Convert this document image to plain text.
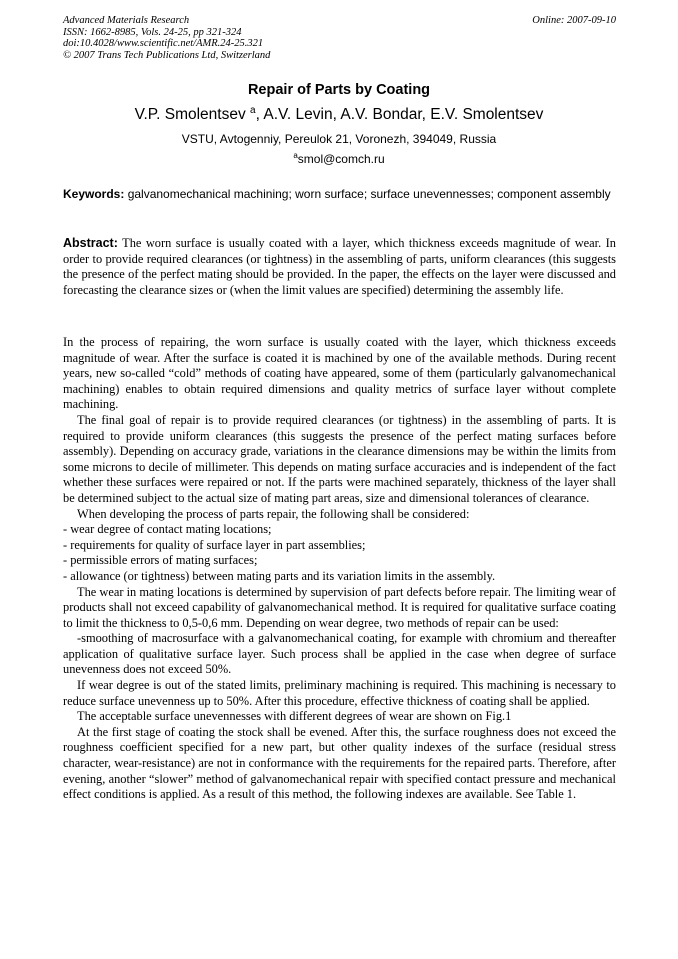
Advanced Materials Research
ISSN: 1662-8985, Vols. 24-25, pp 321-324
doi:10.4028/www.scientific.net/AMR.24-25.321
© 2007 Trans Tech Publications Ltd, Switzerland
Online: 2007-09-10
Repair of Parts by Coating
V.P. Smolentsev $^a$, A.V. Levin, A.V. Bondar, E.V. Smolentsev
VSTU, Avtogenniy, Pereulok 21, Voronezh, 394049, Russia
$^a$smol@comch.ru
Keywords: galvanomechanical machining; worn surface; surface unevennesses; component assembly
Abstract: The worn surface is usually coated with a layer, which thickness exceeds magnitude of wear. In order to provide required clearances (or tightness) in the assembling of parts, uniform clearances (this suggests the presence of the perfect mating should be provided. In the paper, the effects on the layer were discussed and forecasting the clearance sizes or (when the limit values are specified) determining the assembly life.

In the process of repairing, the worn surface is usually coated with the layer, which thickness exceeds magnitude of wear. After the surface is coated it is machined by one of the available methods. During recent years, new so-called “cold” methods of coating have appeared, some of them (particularly galvanomechanical machining) enables to obtain required dimensions and quality metrics of surface layer without complete machining.

The final goal of repair is to provide required clearances (or tightness) in the assembling of parts. It is required to provide uniform clearances (this suggests the presence of the perfect mating surfaces before assembly). Depending on accuracy grade, variations in the clearance dimensions may be within the limits from some microns to decile of millimeter. This depends on mating surface accuracies and is independent of the fact whether these surfaces were repaired or not. If the parts were machined separately, thickness of the layer shall be determined subject to the actual size of mating part areas, size and dimensional tolerances of clearance.

When developing the process of parts repair, the following shall be considered:

- wear degree of contact mating locations;

- requirements for quality of surface layer in part assemblies;

- permissible errors of mating surfaces;

- allowance (or tightness) between mating parts and its variation limits in the assembly.

The wear in mating locations is determined by supervision of part defects before repair. The limiting wear of products shall not exceed capability of galvanomechanical method. It is required for qualitative surface coating to limit the thickness to 0,5-0,6 mm. Depending on wear degree, two methods of repair can be used:

-smoothing of macrosurface with a galvanomechanical coating, for example with chromium and thereafter application of qualitative surface layer. Such process shall be applied in the case when degree of surface unevenness does not exceed 50%.

If wear degree is out of the stated limits, preliminary machining is required. This machining is necessary to reduce surface unevenness up to 50%. After this procedure, effective thickness of coating shall be applied.

The acceptable surface unevennesses with different degrees of wear are shown on Fig.1

At the first stage of coating the stock shall be evened. After this, the surface roughness does not exceed the roughness coefficient specified for a new part, but other quality indexes of the surface (residual stress character, wear-resistance) are not in conformance with the requirements for the repaired parts. Therefore, after evening, another “slower” method of galvanomechanical repair with specified contact pressure and mechanical effect conditions is applied. As a result of this method, the following indexes are available. See Table 1.
